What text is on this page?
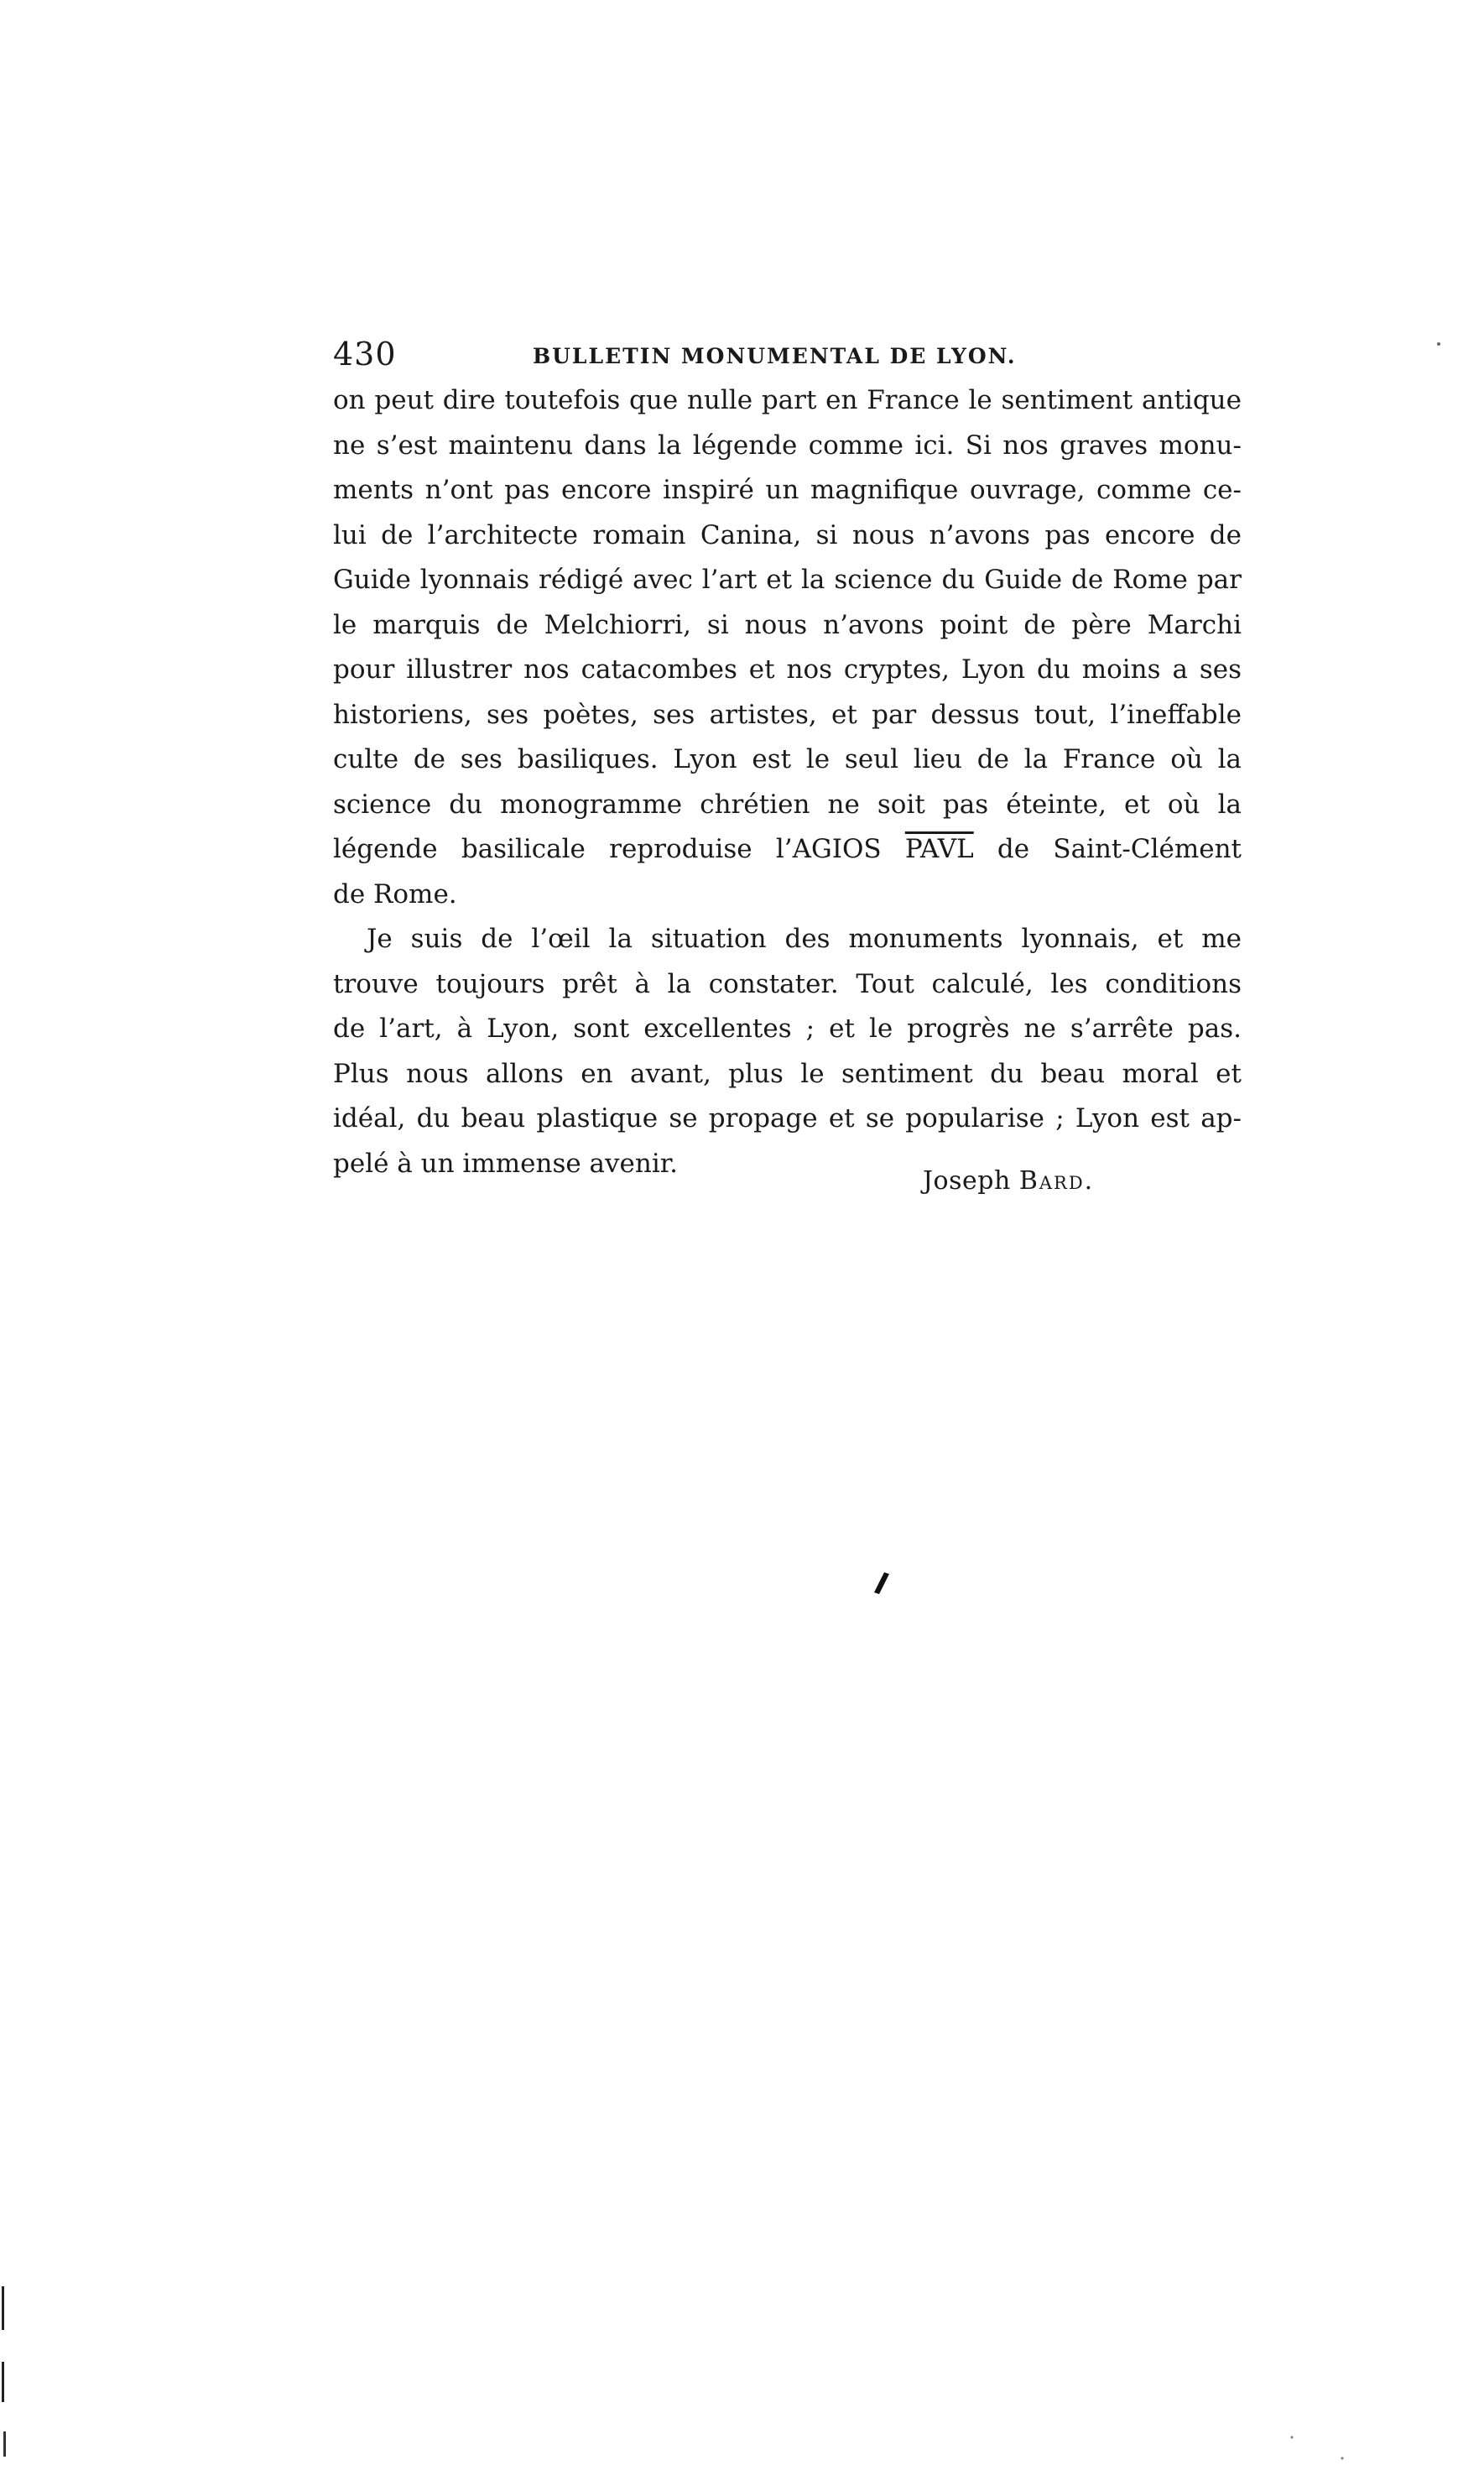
430	BULLETIN MONUMENTAL DE LYON.
on peut dire toutefois que nulle part en France le sentiment antique
ne s’est maintenu dans la légende comme ici. Si nos graves monu-
ments n’ont pas encore inspiré un magnifique ouvrage, comme ce-
lui de l’architecte romain Canina, si nous n’avons pas encore de
Guide lyonnais rédigé avec l’art et la science du Guide de Rome par
le marquis de Melchiorri, si nous n’avons point de père Marchi
pour illustrer nos catacombes et nos cryptes, Lyon du moins a ses
historiens, ses poètes, ses artistes, et par dessus tout, l’ineffable
culte de ses basiliques. Lyon est le seul lieu de la France où la
science du monogramme chrétien ne soit pas éteinte, et où la
légende basilicale reproduise l’AGIOS PAVL de Saint-Clément
de Rome.
Je suis de l’œil la situation des monuments lyonnais, et me
trouve toujours prêt à la constater. Tout calculé, les conditions
de l’art, à Lyon, sont excellentes ; et le progrès ne s’arrête pas.
Plus nous allons en avant, plus le sentiment du beau moral et
idéal, du beau plastique se propage et se popularise ; Lyon est ap-
pelé à un immense avenir.
Joseph Bard.
